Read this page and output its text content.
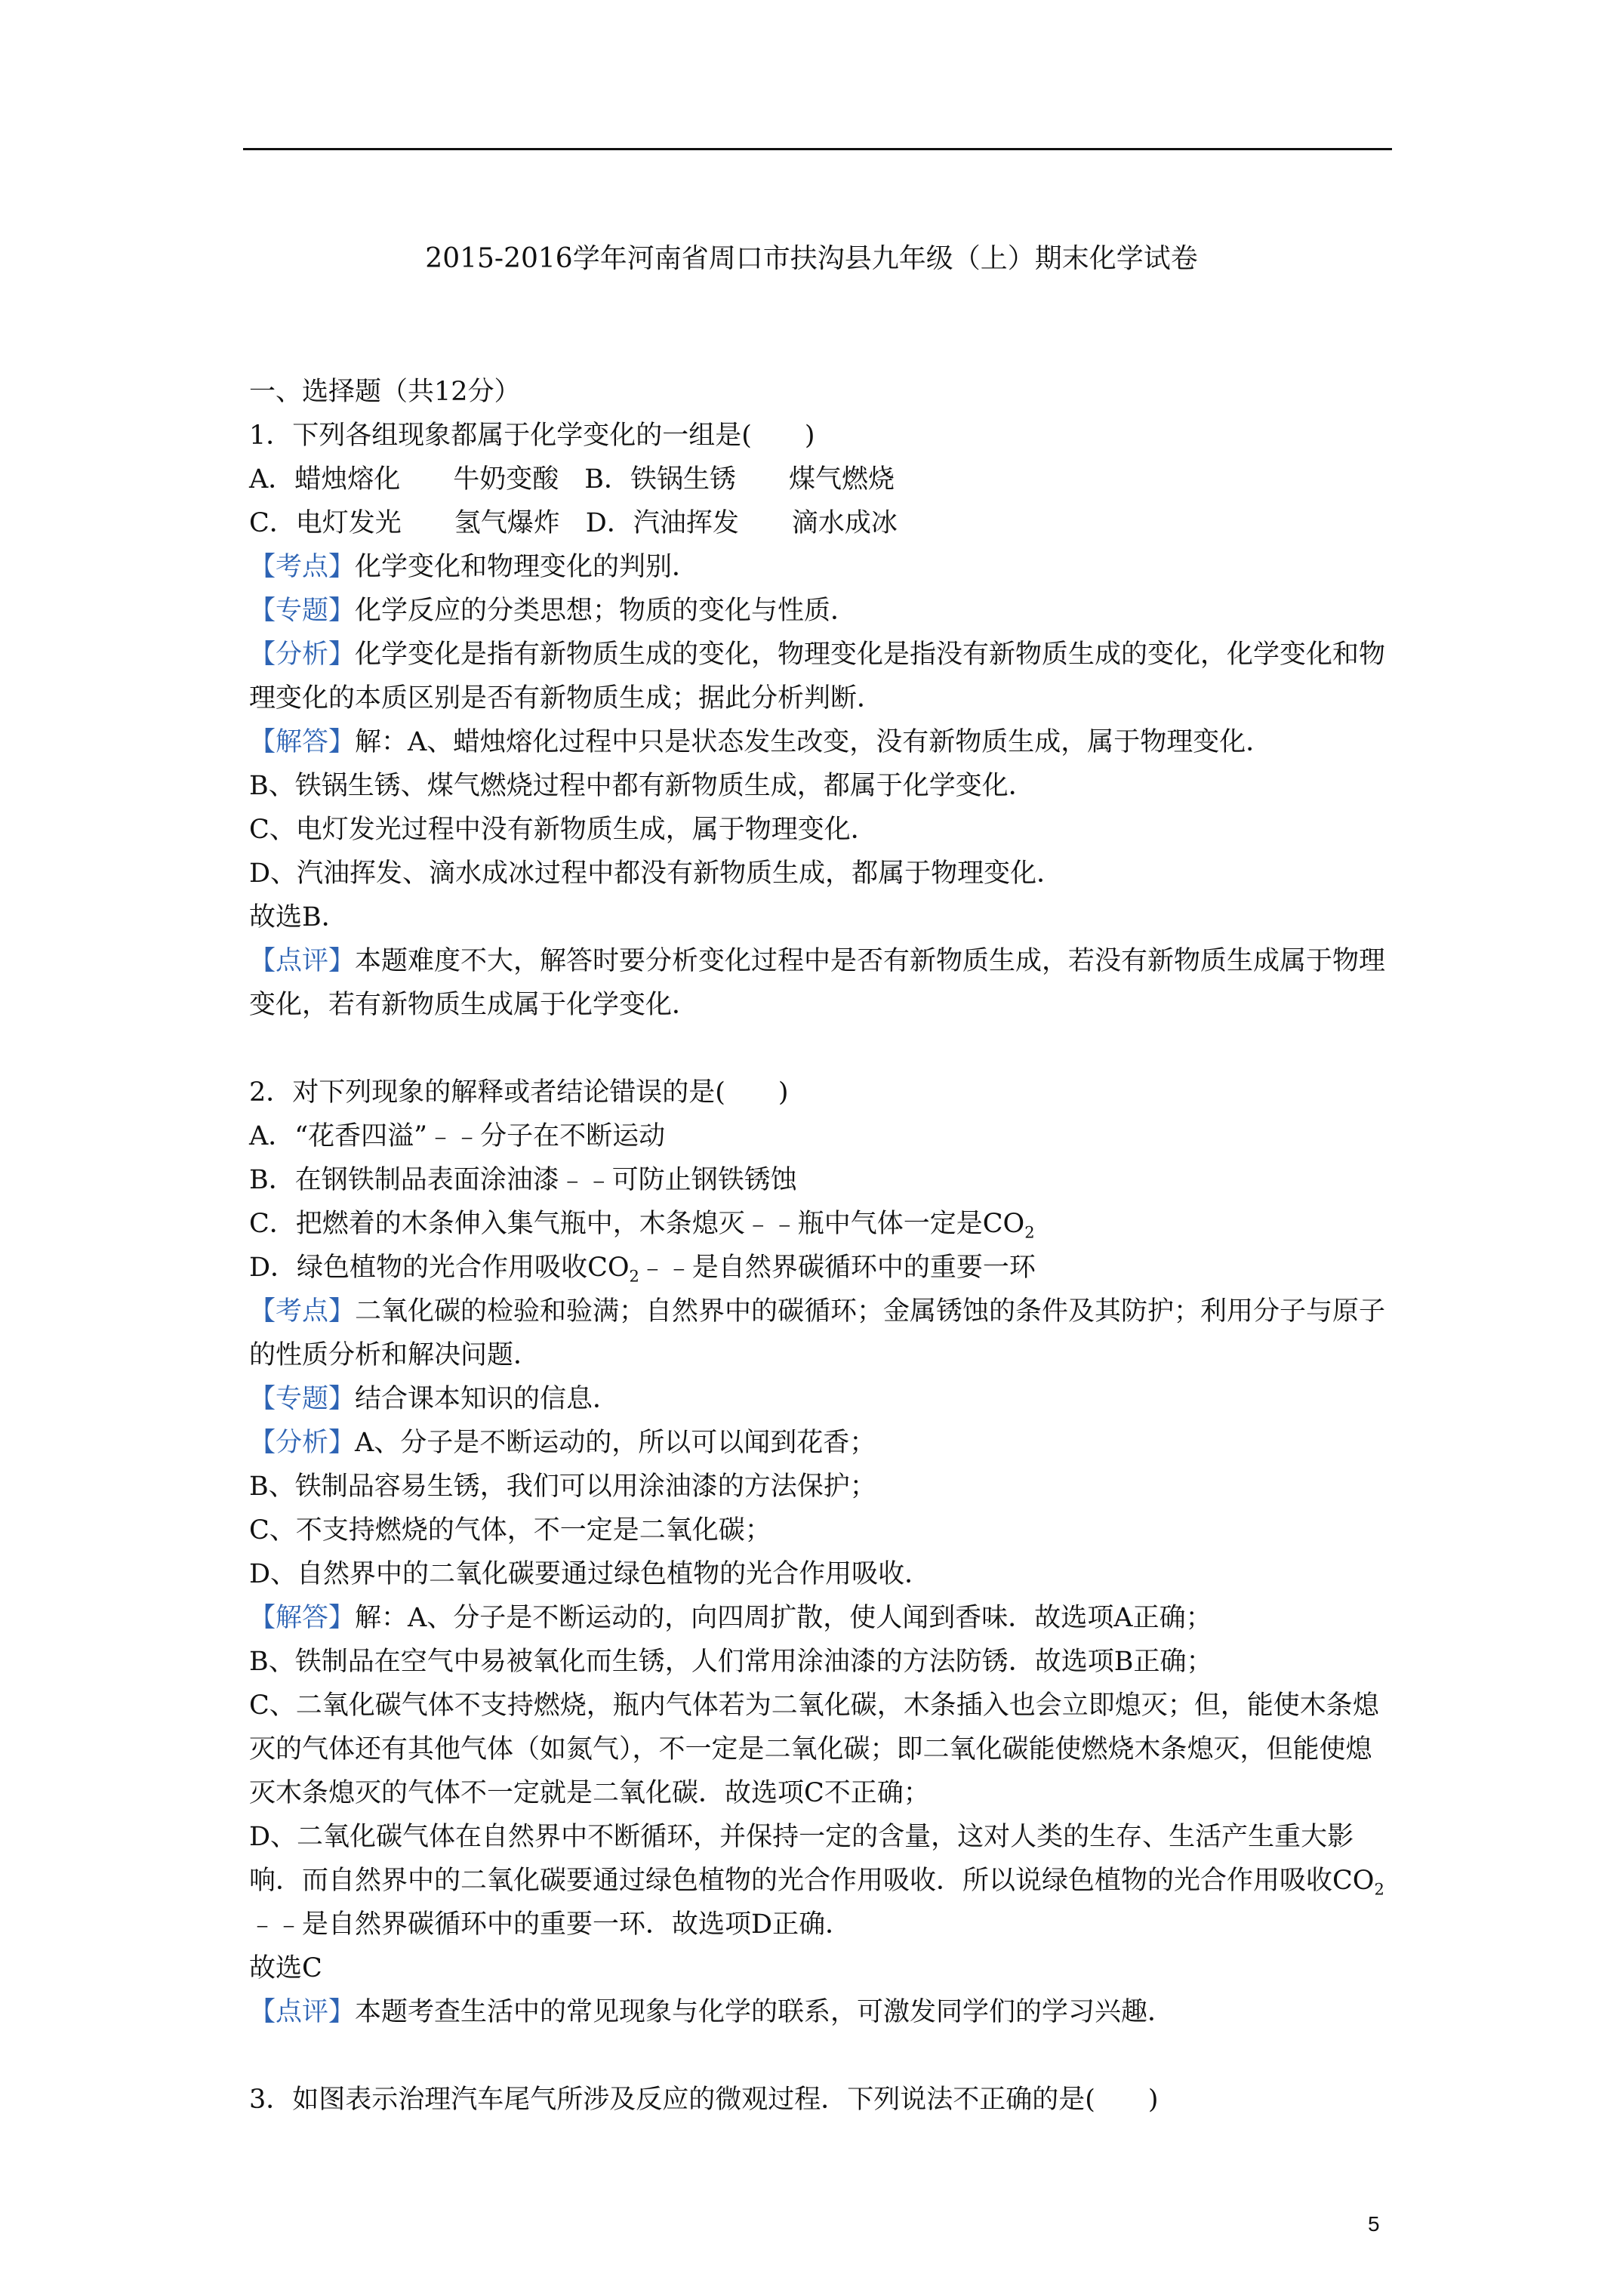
2015-2016学年河南省周口市扶沟县九年级（上）期末化学试卷
一、选择题（共12分）
1．下列各组现象都属于化学变化的一组是(　　)
A．蜡烛熔化　　牛奶变酸 B．铁锅生锈　　煤气燃烧
C．电灯发光　　氢气爆炸 D．汽油挥发　　滴水成冰
【考点】化学变化和物理变化的判别．
【专题】化学反应的分类思想；物质的变化与性质．
【分析】化学变化是指有新物质生成的变化，物理变化是指没有新物质生成的变化，化学变化和物理变化的本质区别是否有新物质生成；据此分析判断．
【解答】解：A、蜡烛熔化过程中只是状态发生改变，没有新物质生成，属于物理变化．
B、铁锅生锈、煤气燃烧过程中都有新物质生成，都属于化学变化．
C、电灯发光过程中没有新物质生成，属于物理变化．
D、汽油挥发、滴水成冰过程中都没有新物质生成，都属于物理变化．
故选B．
【点评】本题难度不大，解答时要分析变化过程中是否有新物质生成，若没有新物质生成属于物理变化，若有新物质生成属于化学变化．
2．对下列现象的解释或者结论错误的是(　　)
A．“花香四溢”﹣﹣分子在不断运动
B．在钢铁制品表面涂油漆﹣﹣可防止钢铁锈蚀
C．把燃着的木条伸入集气瓶中，木条熄灭﹣﹣瓶中气体一定是$CO_2$
D．绿色植物的光合作用吸收$CO_2﹣﹣$是自然界碳循环中的重要一环
【考点】二氧化碳的检验和验满；自然界中的碳循环；金属锈蚀的条件及其防护；利用分子与原子的性质分析和解决问题．
【专题】结合课本知识的信息．
【分析】A、分子是不断运动的，所以可以闻到花香；
B、铁制品容易生锈，我们可以用涂油漆的方法保护；
C、不支持燃烧的气体，不一定是二氧化碳；
D、自然界中的二氧化碳要通过绿色植物的光合作用吸收．
【解答】解：A、分子是不断运动的，向四周扩散，使人闻到香味．故选项A正确；
B、铁制品在空气中易被氧化而生锈，人们常用涂油漆的方法防锈．故选项B正确；
C、二氧化碳气体不支持燃烧，瓶内气体若为二氧化碳，木条插入也会立即熄灭；但，能使木条熄灭的气体还有其他气体（如氮气），不一定是二氧化碳；即二氧化碳能使燃烧木条熄灭，但能使熄灭木条熄灭的气体不一定就是二氧化碳．故选项C不正确；
D、二氧化碳气体在自然界中不断循环，并保持一定的含量，这对人类的生存、生活产生重大影响．而自然界中的二氧化碳要通过绿色植物的光合作用吸收．所以说绿色植物的光合作用吸收$CO_2﹣﹣$是自然界碳循环中的重要一环．故选项D正确．
故选C
【点评】本题考查生活中的常见现象与化学的联系，可激发同学们的学习兴趣．
3．如图表示治理汽车尾气所涉及反应的微观过程．下列说法不正确的是(　　)
5
